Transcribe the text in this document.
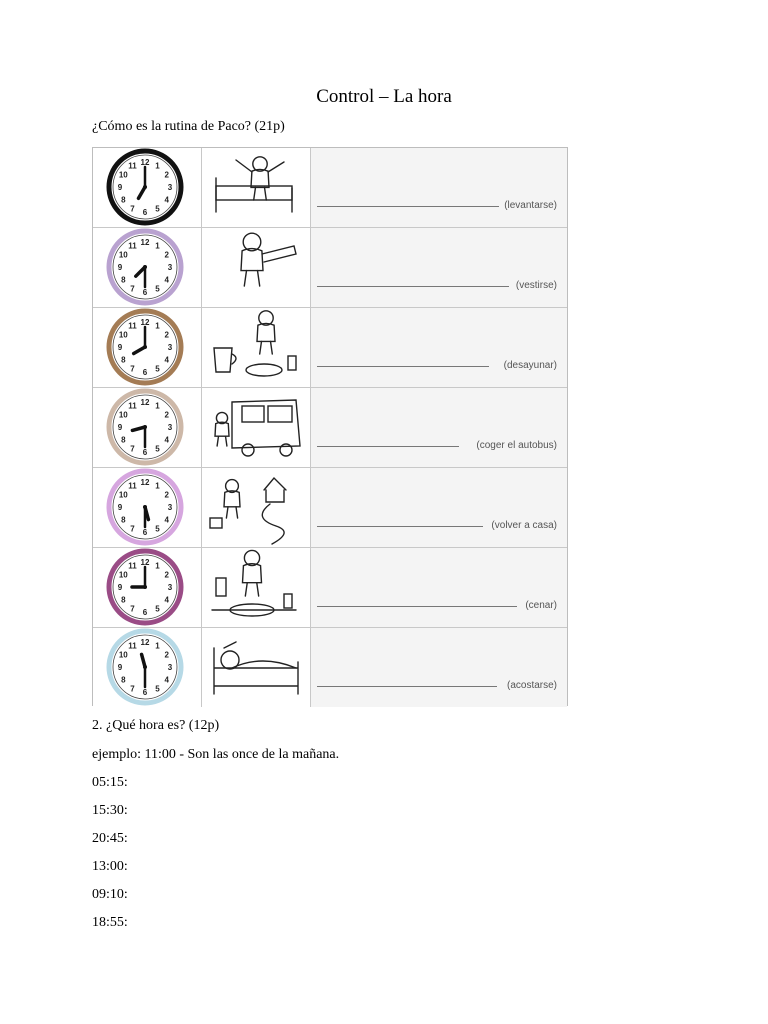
Control – La hora
¿Cómo es la rutina de Paco? (21p)
12 1
2
3
4
5
6
7
8
9
10
11
(levantarse)
12 1
2
3
4
5
6
7
8
9
10
11
(vestirse)
12 1
2
3
4
5
6
7
8
9
10
11
(desayunar)
12 1
2
3
4
5
6
7
8
9
10
11
(coger el autobus)
12 1
2
3
4
5
6
7
8
9
10
11
(volver a casa)
12 1
2
3
4
5
6
7
8
9
10
11
(cenar)
12 1
2
3
4
5
6
7
8
9
10
11
(acostarse)
2. ¿Qué hora es? (12p)
ejemplo: 11:00 - Son las once de la mañana.
05:15:
15:30:
20:45:
13:00:
09:10:
18:55:
